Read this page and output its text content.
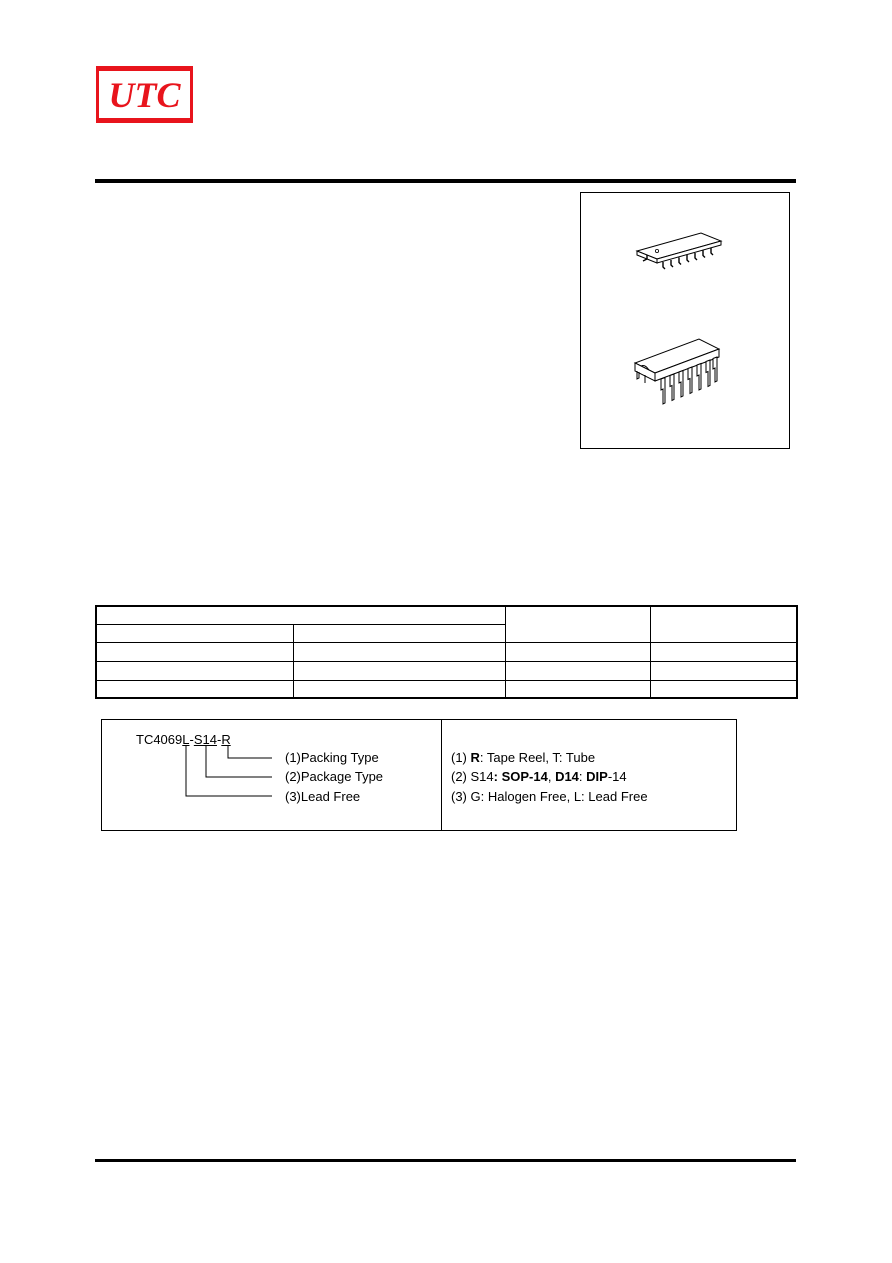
UTC

TC4069L-S14-R
(1)Packing Type
(2)Package Type
(3)Lead Free
(1) R: Tape Reel, T: Tube
(2) S14: SOP-14, D14: DIP-14
(3) G: Halogen Free, L: Lead Free
